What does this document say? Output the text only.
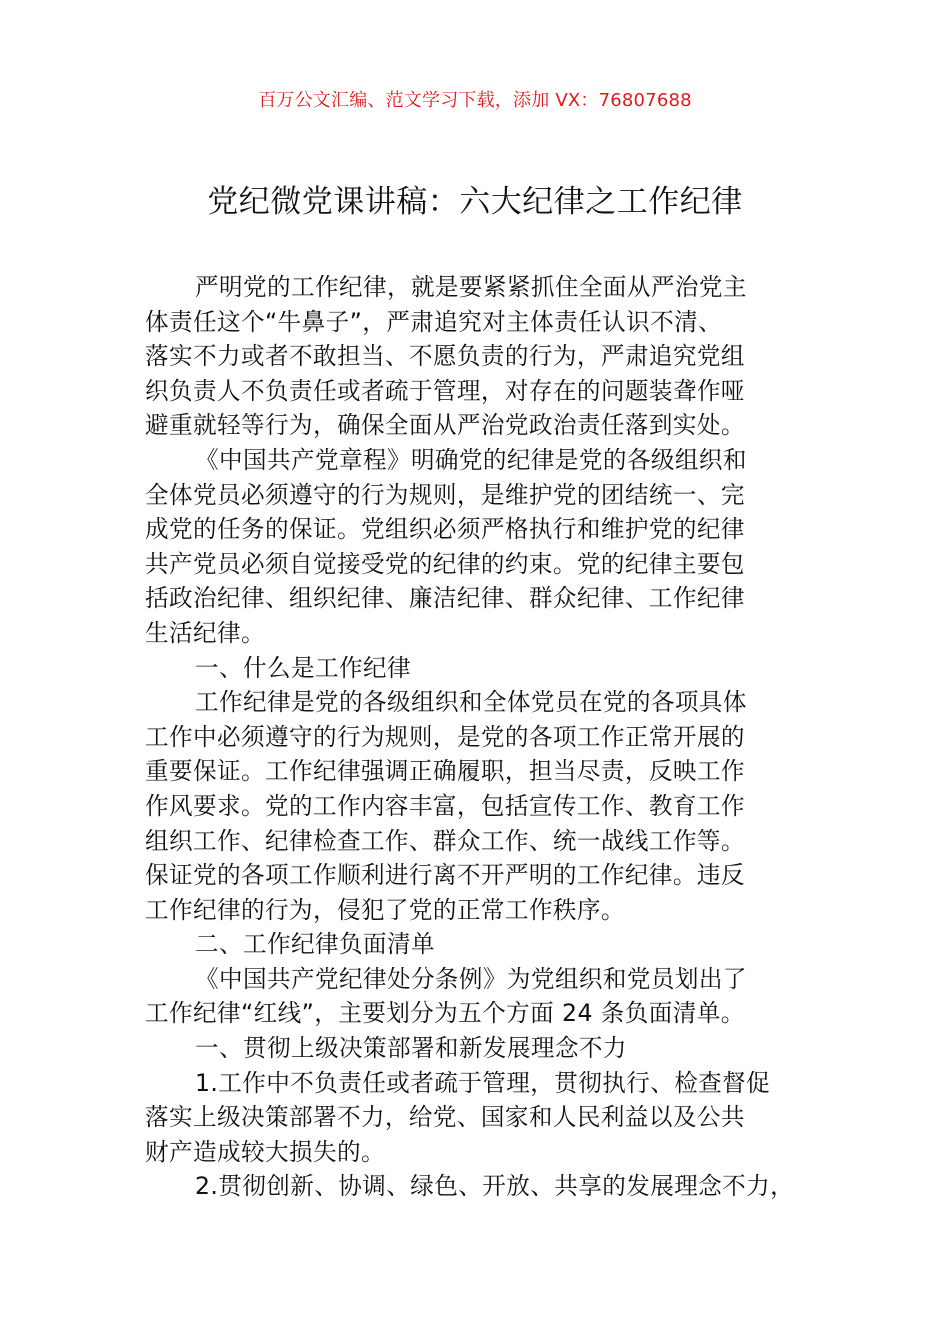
百万公文汇编、范文学习下载，添加 VX：76807688
党纪微党课讲稿：六大纪律之工作纪律
严明党的工作纪律，就是要紧紧抓住全面从严治党主
体责任这个“牛鼻子”，严肃追究对主体责任认识不清、
落实不力或者不敢担当、不愿负责的行为，严肃追究党组
织负责人不负责任或者疏于管理，对存在的问题装聋作哑
避重就轻等行为，确保全面从严治党政治责任落到实处。
《中国共产党章程》明确党的纪律是党的各级组织和
全体党员必须遵守的行为规则，是维护党的团结统一、完
成党的任务的保证。党组织必须严格执行和维护党的纪律
共产党员必须自觉接受党的纪律的约束。党的纪律主要包
括政治纪律、组织纪律、廉洁纪律、群众纪律、工作纪律
生活纪律。
一、什么是工作纪律
工作纪律是党的各级组织和全体党员在党的各项具体
工作中必须遵守的行为规则，是党的各项工作正常开展的
重要保证。工作纪律强调正确履职，担当尽责，反映工作
作风要求。党的工作内容丰富，包括宣传工作、教育工作
组织工作、纪律检查工作、群众工作、统一战线工作等。
保证党的各项工作顺利进行离不开严明的工作纪律。违反
工作纪律的行为，侵犯了党的正常工作秩序。
二、工作纪律负面清单
《中国共产党纪律处分条例》为党组织和党员划出了
工作纪律“红线”，主要划分为五个方面 24 条负面清单。
一、贯彻上级决策部署和新发展理念不力
1.工作中不负责任或者疏于管理，贯彻执行、检查督促
落实上级决策部署不力，给党、国家和人民利益以及公共
财产造成较大损失的。
2.贯彻创新、协调、绿色、开放、共享的发展理念不力，
